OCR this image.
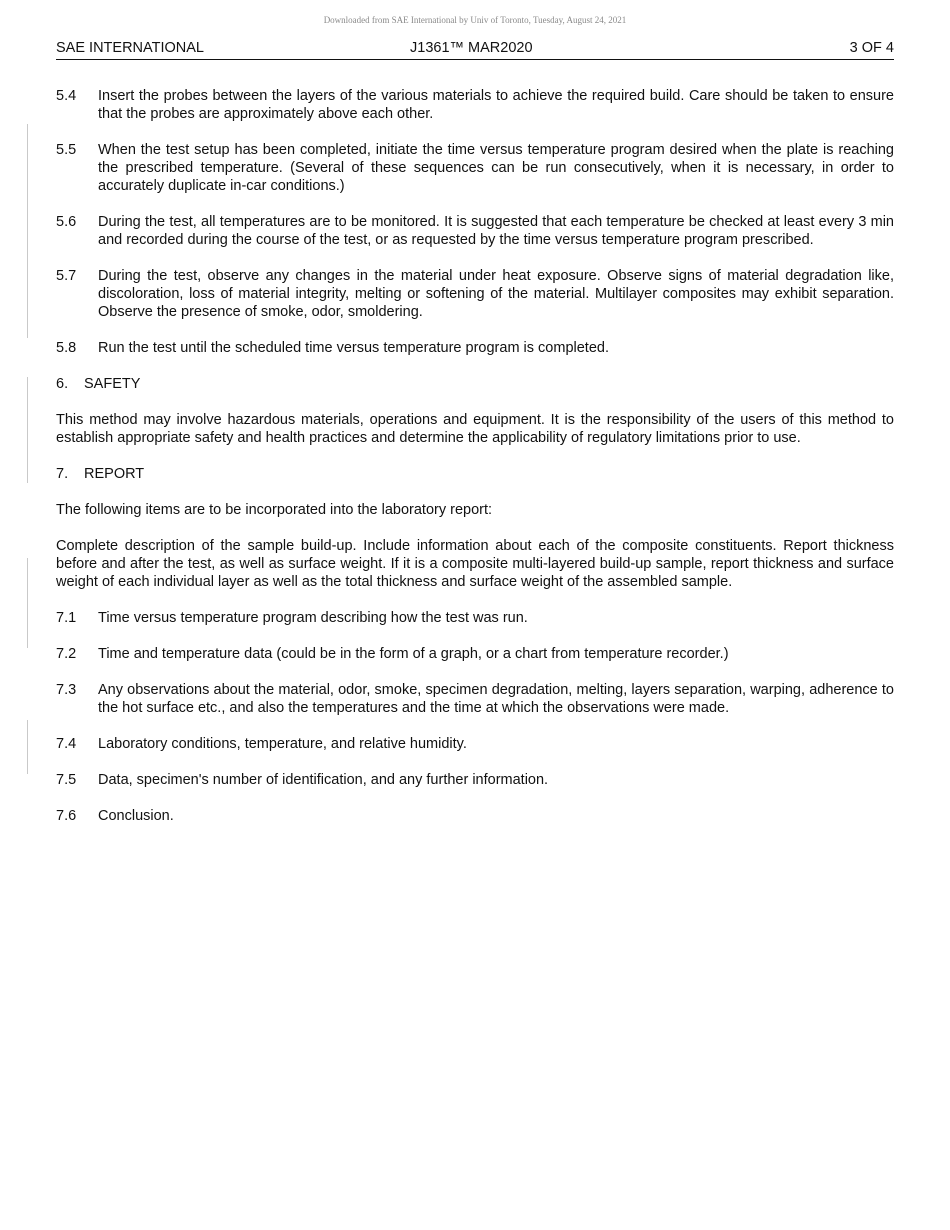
Downloaded from SAE International by Univ of Toronto, Tuesday, August 24, 2021
SAE INTERNATIONAL	J1361™ MAR2020	3 OF 4
5.4 Insert the probes between the layers of the various materials to achieve the required build. Care should be taken to ensure that the probes are approximately above each other.
5.5 When the test setup has been completed, initiate the time versus temperature program desired when the plate is reaching the prescribed temperature. (Several of these sequences can be run consecutively, when it is necessary, in order to accurately duplicate in-car conditions.)
5.6 During the test, all temperatures are to be monitored. It is suggested that each temperature be checked at least every 3 min and recorded during the course of the test, or as requested by the time versus temperature program prescribed.
5.7 During the test, observe any changes in the material under heat exposure. Observe signs of material degradation like, discoloration, loss of material integrity, melting or softening of the material. Multilayer composites may exhibit separation. Observe the presence of smoke, odor, smoldering.
5.8 Run the test until the scheduled time versus temperature program is completed.
6. SAFETY
This method may involve hazardous materials, operations and equipment. It is the responsibility of the users of this method to establish appropriate safety and health practices and determine the applicability of regulatory limitations prior to use.
7. REPORT
The following items are to be incorporated into the laboratory report:
Complete description of the sample build-up. Include information about each of the composite constituents. Report thickness before and after the test, as well as surface weight. If it is a composite multi-layered build-up sample, report thickness and surface weight of each individual layer as well as the total thickness and surface weight of the assembled sample.
7.1 Time versus temperature program describing how the test was run.
7.2 Time and temperature data (could be in the form of a graph, or a chart from temperature recorder.)
7.3 Any observations about the material, odor, smoke, specimen degradation, melting, layers separation, warping, adherence to the hot surface etc., and also the temperatures and the time at which the observations were made.
7.4 Laboratory conditions, temperature, and relative humidity.
7.5 Data, specimen's number of identification, and any further information.
7.6 Conclusion.
